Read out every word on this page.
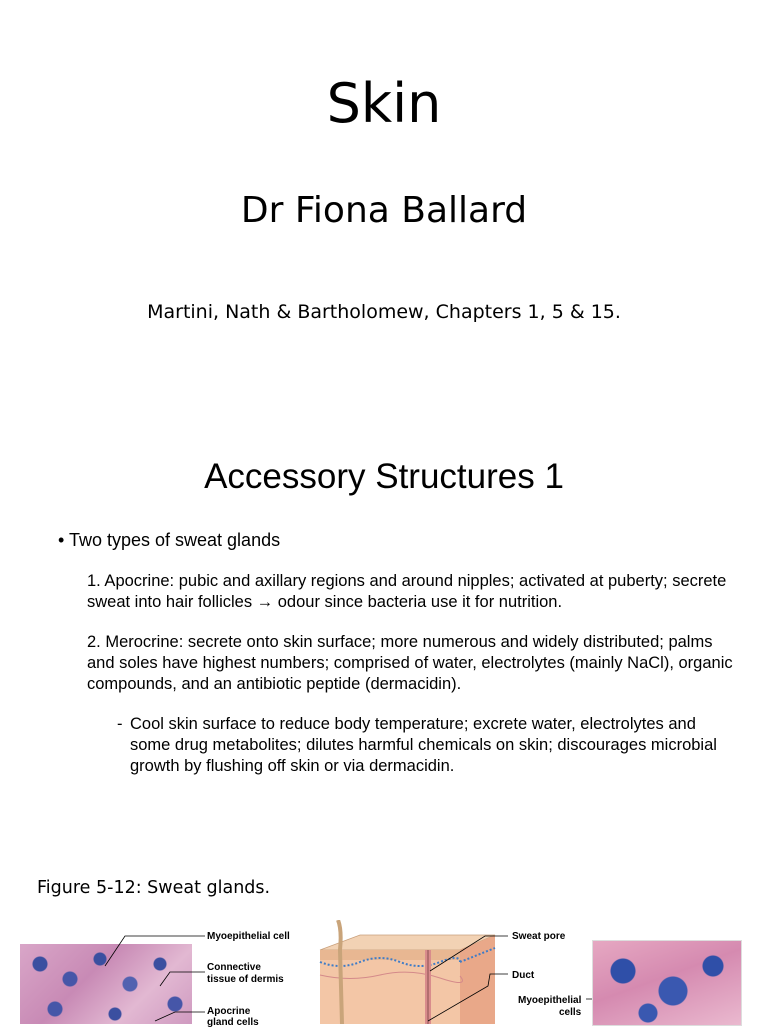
Skin
Dr Fiona Ballard
Martini, Nath & Bartholomew, Chapters 1, 5 & 15.
Accessory Structures 1
• Two types of sweat glands
1. Apocrine: pubic and axillary regions and around nipples; activated at puberty; secrete sweat into hair follicles → odour since bacteria use it for nutrition.
2. Merocrine: secrete onto skin surface; more numerous and widely distributed; palms and soles have highest numbers; comprised of water, electrolytes (mainly NaCl), organic compounds, and an antibiotic peptide (dermacidin).
- Cool skin surface to reduce body temperature; excrete water, electrolytes and some drug metabolites; dilutes harmful chemicals on skin; discourages microbial growth by flushing off skin or via dermacidin.
Figure 5-12: Sweat glands.
Myoepithelial cell
Connective
tissue of dermis
Apocrine
gland cells
Sweat pore
Duct
Myoepithelial
cells
